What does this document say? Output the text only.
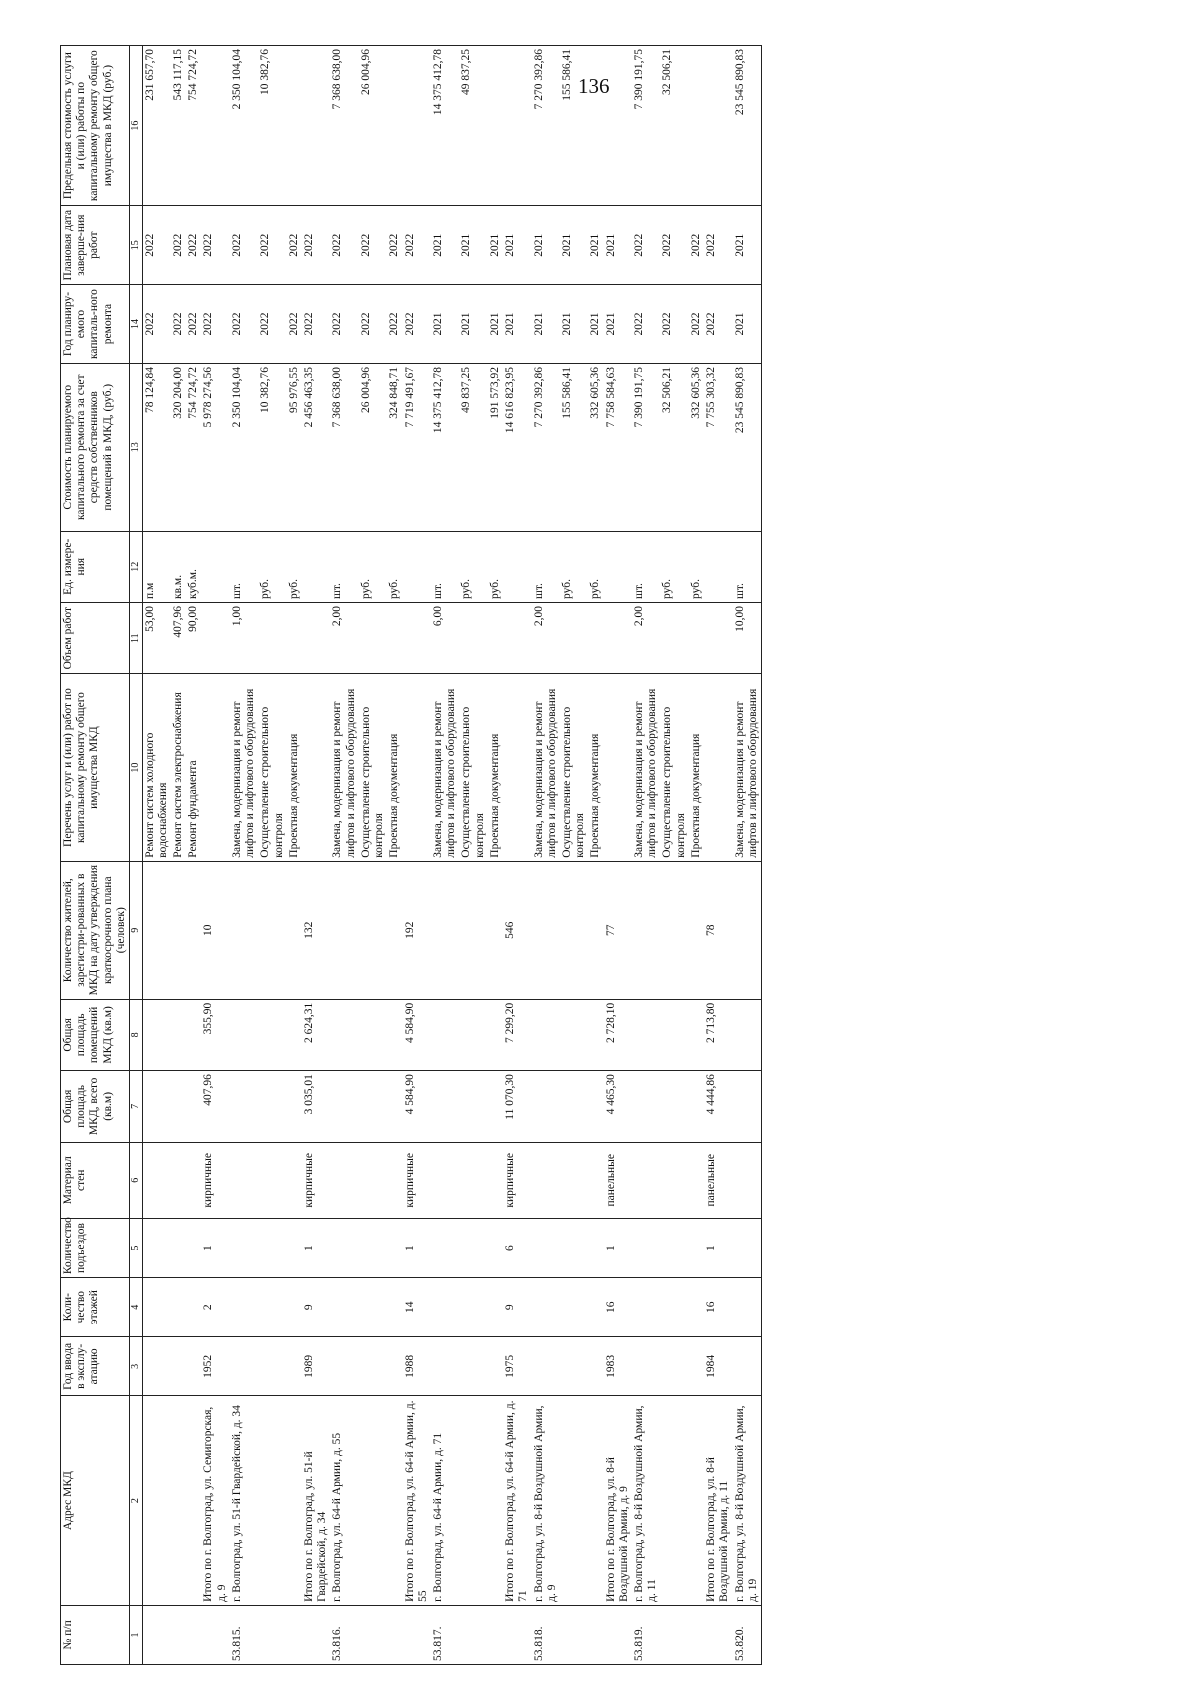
136
№ п/п	Адрес МКД	Год ввода в эксплу-атацию	Коли-чество этажей	Количество подъездов	Материал стен	Общая площадь МКД, всего (кв.м)	Общая площадь помещений МКД (кв.м)	Количество жителей, зарегистри-рованных в МКД на дату утверждения краткосрочного плана (человек)	Перечень услуг и (или) работ по капитальному ремонту общего имущества МКД	Объем работ	Ед. измере-ния	Стоимость планируемого капитального ремонта за счет средств собственников помещений в МКД, (руб.)	Год планиру-емого капиталь-ного ремонта	Плановая дата заверше-ния работ	Предельная стоимость услуги и (или) работы по капитальному ремонту общего имущества в МКД (руб.)
1	2	3	4	5	6	7	8	9	10	11	12	13	14	15	16
									Ремонт систем холодного водоснабжения	53,00	п.м	78 124,84	2022	2022	231 657,70
									Ремонт систем электроснабжения	407,96	кв.м.	320 204,00	2022	2022	543 117,15
									Ремонт фундамента	90,00	куб.м.	754 724,72	2022	2022	754 724,72
	Итого по г. Волгоград, ул. Семигорская, д. 9	1952	2	1	кирпичные	407,96	355,90	10				5 978 274,56	2022	2022	
53.815.	г. Волгоград, ул. 51-й Гвардейской, д. 34								Замена, модернизация и ремонт лифтов и лифтового оборудования	1,00	шт.	2 350 104,04	2022	2022	2 350 104,04
									Осуществление строительного контроля		руб.	10 382,76	2022	2022	10 382,76
									Проектная документация		руб.	95 976,55	2022	2022	
	Итого по г. Волгоград, ул. 51-й Гвардейской, д. 34	1989	9	1	кирпичные	3 035,01	2 624,31	132				2 456 463,35	2022	2022	
53.816.	г. Волгоград, ул. 64-й Армии, д. 55								Замена, модернизация и ремонт лифтов и лифтового оборудования	2,00	шт.	7 368 638,00	2022	2022	7 368 638,00
									Осуществление строительного контроля		руб.	26 004,96	2022	2022	26 004,96
									Проектная документация		руб.	324 848,71	2022	2022	
	Итого по г. Волгоград, ул. 64-й Армии, д. 55	1988	14	1	кирпичные	4 584,90	4 584,90	192				7 719 491,67	2022	2022	
53.817.	г. Волгоград, ул. 64-й Армии, д. 71								Замена, модернизация и ремонт лифтов и лифтового оборудования	6,00	шт.	14 375 412,78	2021	2021	14 375 412,78
									Осуществление строительного контроля		руб.	49 837,25	2021	2021	49 837,25
									Проектная документация		руб.	191 573,92	2021	2021	
	Итого по г. Волгоград, ул. 64-й Армии, д. 71	1975	9	6	кирпичные	11 070,30	7 299,20	546				14 616 823,95	2021	2021	
53.818.	г. Волгоград, ул. 8-й Воздушной Армии, д. 9								Замена, модернизация и ремонт лифтов и лифтового оборудования	2,00	шт.	7 270 392,86	2021	2021	7 270 392,86
									Осуществление строительного контроля		руб.	155 586,41	2021	2021	155 586,41
									Проектная документация		руб.	332 605,36	2021	2021	
	Итого по г. Волгоград, ул. 8-й Воздушной Армии, д. 9	1983	16	1	панельные	4 465,30	2 728,10	77				7 758 584,63	2021	2021	
53.819.	г. Волгоград, ул. 8-й Воздушной Армии, д. 11								Замена, модернизация и ремонт лифтов и лифтового оборудования	2,00	шт.	7 390 191,75	2022	2022	7 390 191,75
									Осуществление строительного контроля		руб.	32 506,21	2022	2022	32 506,21
									Проектная документация		руб.	332 605,36	2022	2022	
	Итого по г. Волгоград, ул. 8-й Воздушной Армии, д. 11	1984	16	1	панельные	4 444,86	2 713,80	78				7 755 303,32	2022	2022	
53.820.	г. Волгоград, ул. 8-й Воздушной Армии, д. 19								Замена, модернизация и ремонт лифтов и лифтового оборудования	10,00	шт.	23 545 890,83	2021	2021	23 545 890,83
